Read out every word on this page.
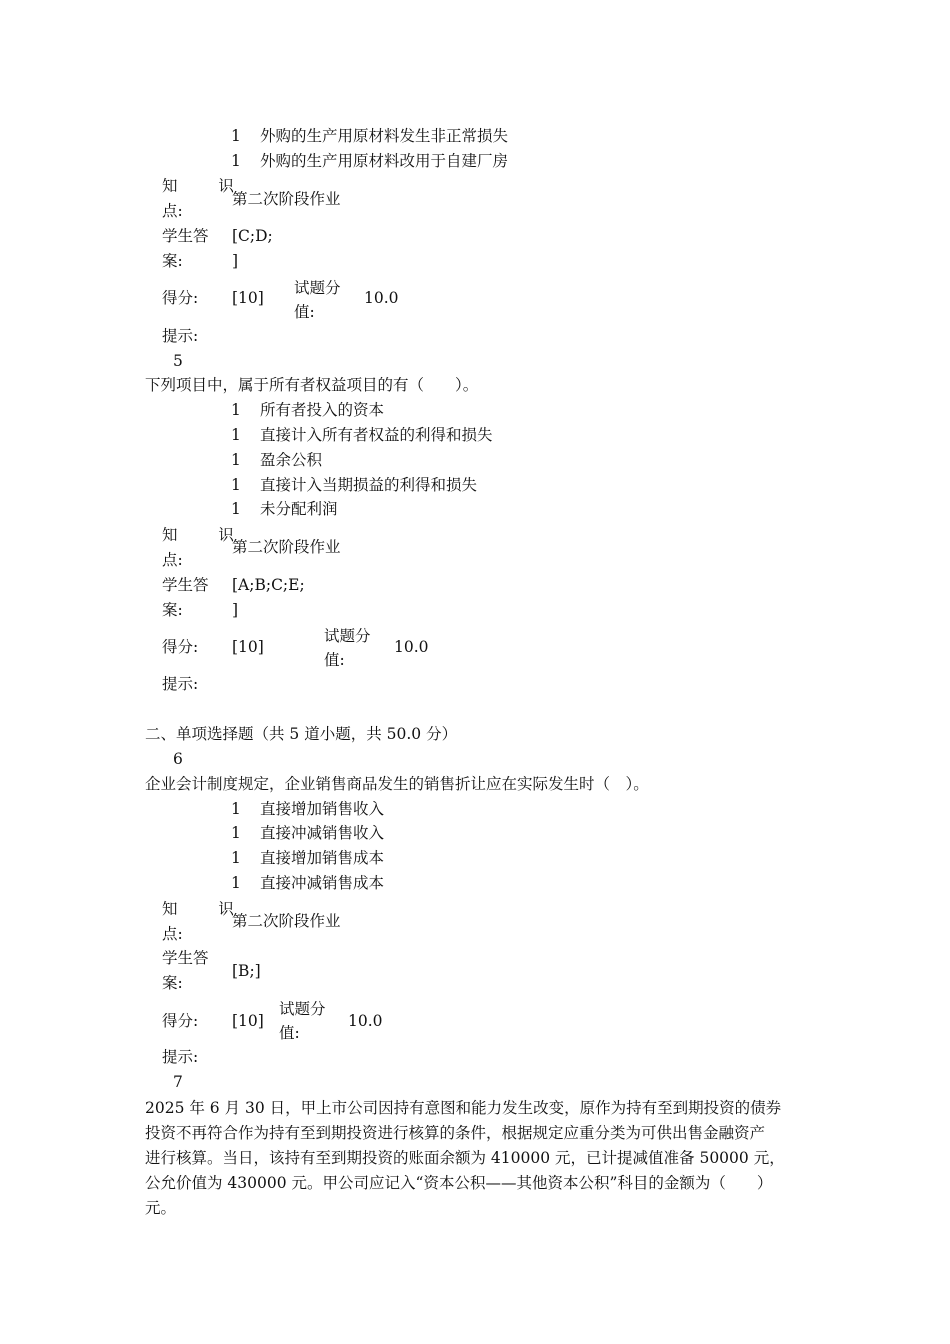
1 外购的生产用原材料发生非正常损失
1 外购的生产用原材料改用于自建厂房
知 识
点:
第二次阶段作业
学生答
案:
[C;D;
]
得分: [10]
试题分
值:
10.0
提示:
5
下列项目中，属于所有者权益项目的有（　　）。
1 所有者投入的资本
1 直接计入所有者权益的利得和损失
1 盈余公积
1 直接计入当期损益的利得和损失
1 未分配利润
知 识
点:
第二次阶段作业
学生答
案:
[A;B;C;E;
]
得分: [10]
试题分
值:
10.0
提示:
二、单项选择题（共 5 道小题，共 50.0 分）
6
企业会计制度规定，企业销售商品发生的销售折让应在实际发生时（　）。
1 直接增加销售收入
1 直接冲减销售收入
1 直接增加销售成本
1 直接冲减销售成本
知 识
点:
第二次阶段作业
学生答
案:
[B;]
得分: [10]
试题分
值:
10.0
提示:
7
2025 年 6 月 30 日，甲上市公司因持有意图和能力发生改变，原作为持有至到期投资的债券
投资不再符合作为持有至到期投资进行核算的条件，根据规定应重分类为可供出售金融资产
进行核算。当日，该持有至到期投资的账面余额为 410000 元，已计提减值准备 50000 元，
公允价值为 430000 元。甲公司应记入“资本公积——其他资本公积”科目的金额为（　　）
元。
